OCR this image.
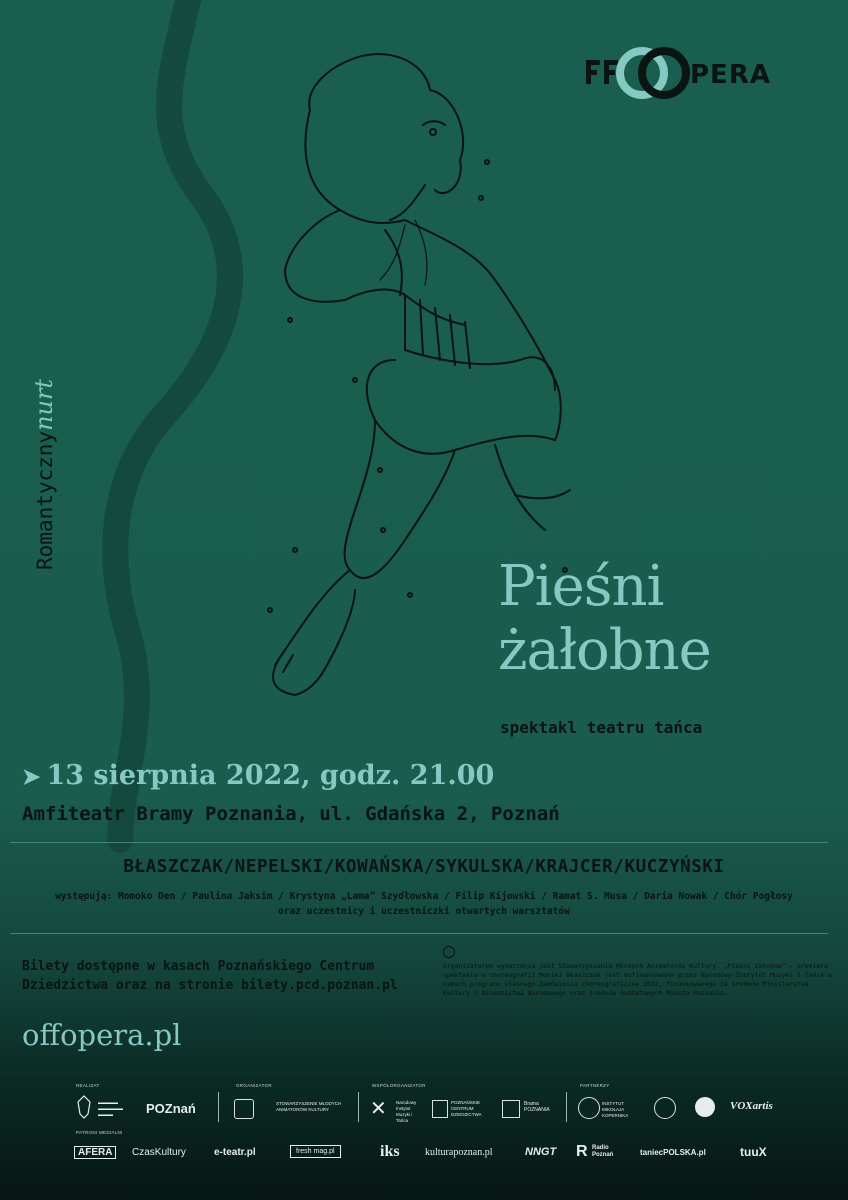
PERA
Romantycznynurt
Pieśni
żałobne
spektakl teatru tańca
➤ 13 sierpnia 2022, godz. 21.00
Amfiteatr Bramy Poznania, ul. Gdańska 2, Poznań
BŁASZCZAK/NEPELSKI/KOWAŃSKA/SYKULSKA/KRAJCER/KUCZYŃSKI
występują: Momoko Den / Paulina Jaksim / Krystyna „Lama” Szydłowska / Filip Kijowski / Ramat S. Musa / Daria Nowak / Chór Pogłosy
oraz uczestnicy i uczestniczki otwartych warsztatów
Bilety dostępne w kasach Poznańskiego Centrum
Dziedzictwa oraz na stronie bilety.pcd.poznan.pl
Organizatorem wydarzenia jest Stowarzyszenie Młodych Animatorów Kultury. „Pieśni żałobne” – premiera spektaklu w choreografii Moniki Błaszczak jest dofinansowana przez Narodowy Instytut Muzyki i Tańca w ramach programu własnego Zamówienia choreograficzne 2022, finansowanego ze środków Ministerstwa Kultury i Dziedzictwa Narodowego oraz środków budżetowych Miasta Poznania.
offopera.pl
REALIZAT	ORGANIZATOR	WSPÓŁORGANIZATOR	PARTNERZY
▬▬▬▬
▬▬▬▬▬
▬▬▬	POZnań	STOWARZYSZENIE MŁODYCH ANIMATORÓW KULTURY	✕ Narodowy Instytut Muzyki i Tańca
POZNAŃSKIE CENTRUM DZIEDZICTWA
Brama POZNANIA
INSTYTUT MIKOŁAJA KOPERNIKA
VOXartis
PATRONI MEDIALNI
AFERA	CzasKultury	e-teatr.pl	fresh mag.pl	iks	kulturapoznan.pl	NNGT R Radio Poznań	taniecPOLSKA.pl	tuuX
